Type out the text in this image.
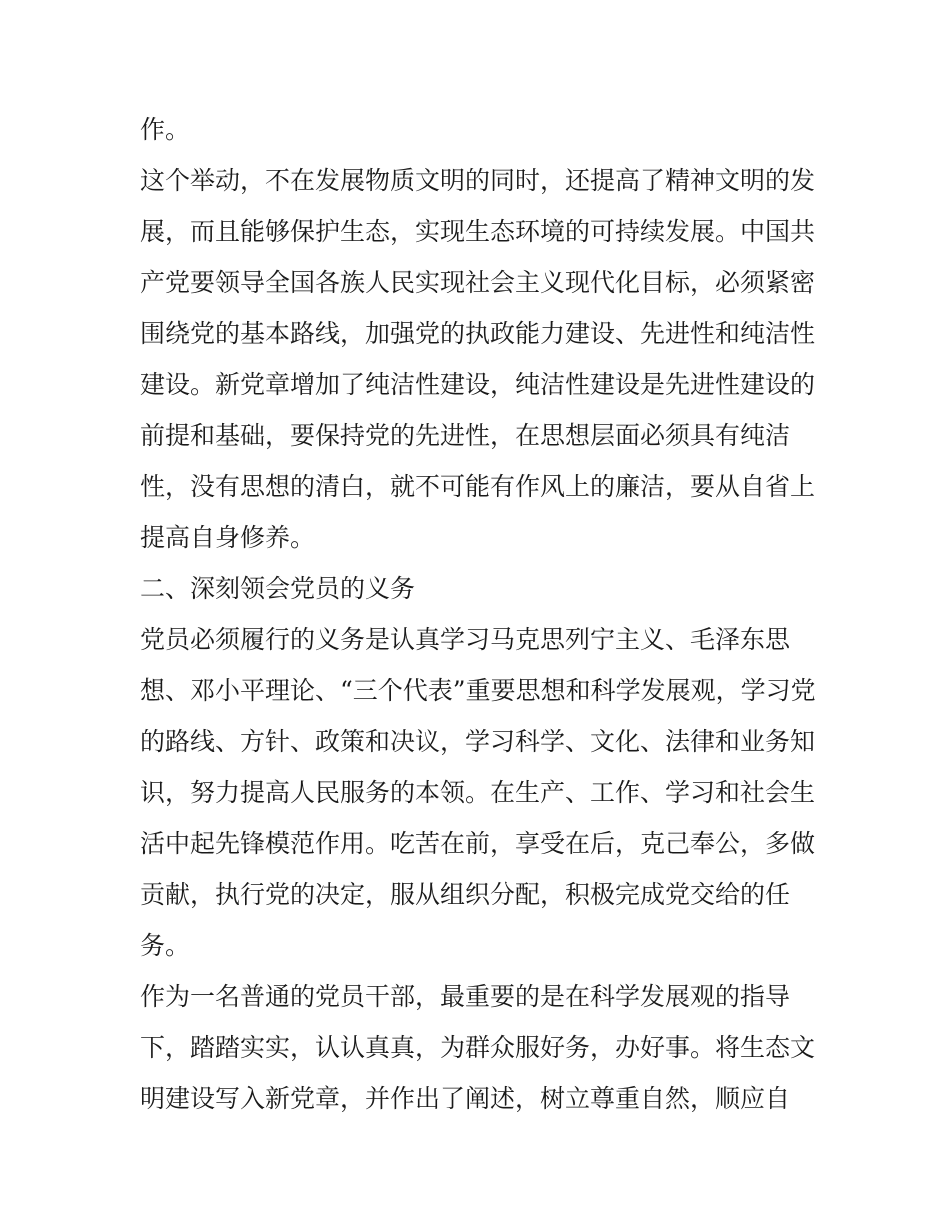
作。
这个举动，不在发展物质文明的同时，还提高了精神文明的发
展，而且能够保护生态，实现生态环境的可持续发展。中国共
产党要领导全国各族人民实现社会主义现代化目标，必须紧密
围绕党的基本路线，加强党的执政能力建设、先进性和纯洁性
建设。新党章增加了纯洁性建设，纯洁性建设是先进性建设的
前提和基础，要保持党的先进性，在思想层面必须具有纯洁
性，没有思想的清白，就不可能有作风上的廉洁，要从自省上
提高自身修养。
二、深刻领会党员的义务
党员必须履行的义务是认真学习马克思列宁主义、毛泽东思
想、邓小平理论、“三个代表”重要思想和科学发展观，学习党
的路线、方针、政策和决议，学习科学、文化、法律和业务知
识，努力提高人民服务的本领。在生产、工作、学习和社会生
活中起先锋模范作用。吃苦在前，享受在后，克己奉公，多做
贡献，执行党的决定，服从组织分配，积极完成党交给的任
务。
作为一名普通的党员干部，最重要的是在科学发展观的指导
下，踏踏实实，认认真真，为群众服好务，办好事。将生态文
明建设写入新党章，并作出了阐述，树立尊重自然，顺应自
